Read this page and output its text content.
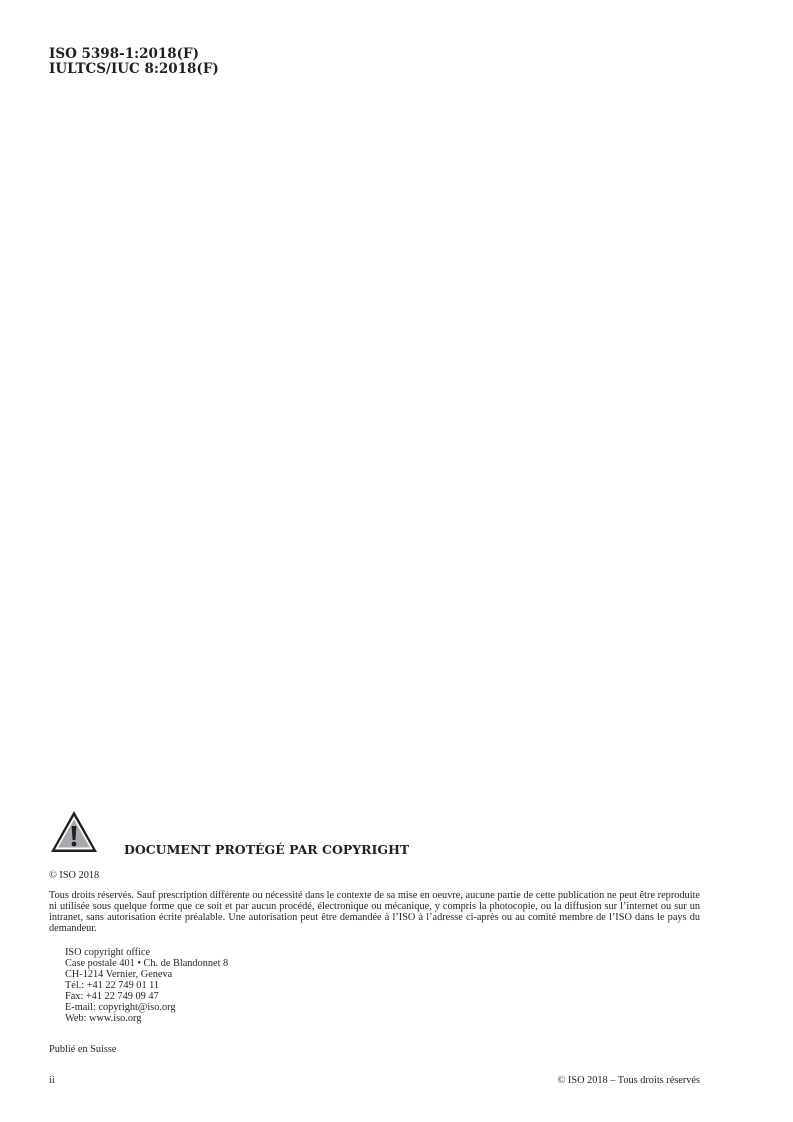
ISO 5398-1:2018(F)
IULTCS/IUC 8:2018(F)
DOCUMENT PROTÉGÉ PAR COPYRIGHT
© ISO 2018
Tous droits réservés. Sauf prescription différente ou nécessité dans le contexte de sa mise en oeuvre, aucune partie de cette publication ne peut être reproduite ni utilisée sous quelque forme que ce soit et par aucun procédé, électronique ou mécanique, y compris la photocopie, ou la diffusion sur l’internet ou sur un intranet, sans autorisation écrite préalable. Une autorisation peut être demandée à l’ISO à l’adresse ci-après ou au comité membre de l’ISO dans le pays du demandeur.
ISO copyright office
Case postale 401 • Ch. de Blandonnet 8
CH-1214 Vernier, Geneva
Tél.: +41 22 749 01 11
Fax: +41 22 749 09 47
E-mail: copyright@iso.org
Web: www.iso.org
Publié en Suisse
ii	© ISO 2018 – Tous droits réservés
